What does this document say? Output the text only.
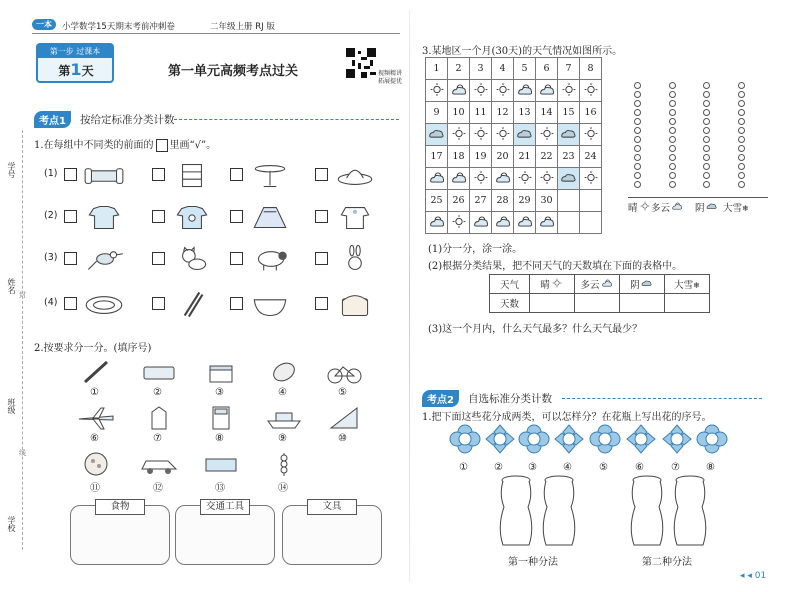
一本	小学数学15天期末考前冲刺卷	二年级上册 RJ 版
第一步 过课本
第1天	第一单元高频考点过关	视频精讲
拓展提优
学号
姓名
班级
学校
线
封
考点1	按给定标准分类计数
1.在每组中不同类的前面的 里画“√”。
(1)
(2)
(3)
(4)
2.按要求分一分。(填序号)
①	②	③	④	⑤
⑥	⑦	⑧	⑨	⑩
⑪	⑫	⑬	⑭
食物	交通工具	文具
3.某地区一个月(30天)的天气情况如图所示。
1	2	3	4	5	6	7	8

9	10	11	12	13	14	15	16

17	18	19	20	21	22	23	24

25	26	27	28	29	30		

晴	多云	阴	大雪❄
(1)分一分，涂一涂。
(2)根据分类结果，把不同天气的天数填在下面的表格中。
天气	晴	多云	阴	大雪❄
天数				
(3)这一个月内，什么天气最多？什么天气最少？
考点2	自选标准分类计数
1.把下面这些花分成两类，可以怎样分？在花瓶上写出花的序号。
①	②	③	④	⑤	⑥	⑦	⑧
第一种分法	第二种分法
◂ ◂ 01
